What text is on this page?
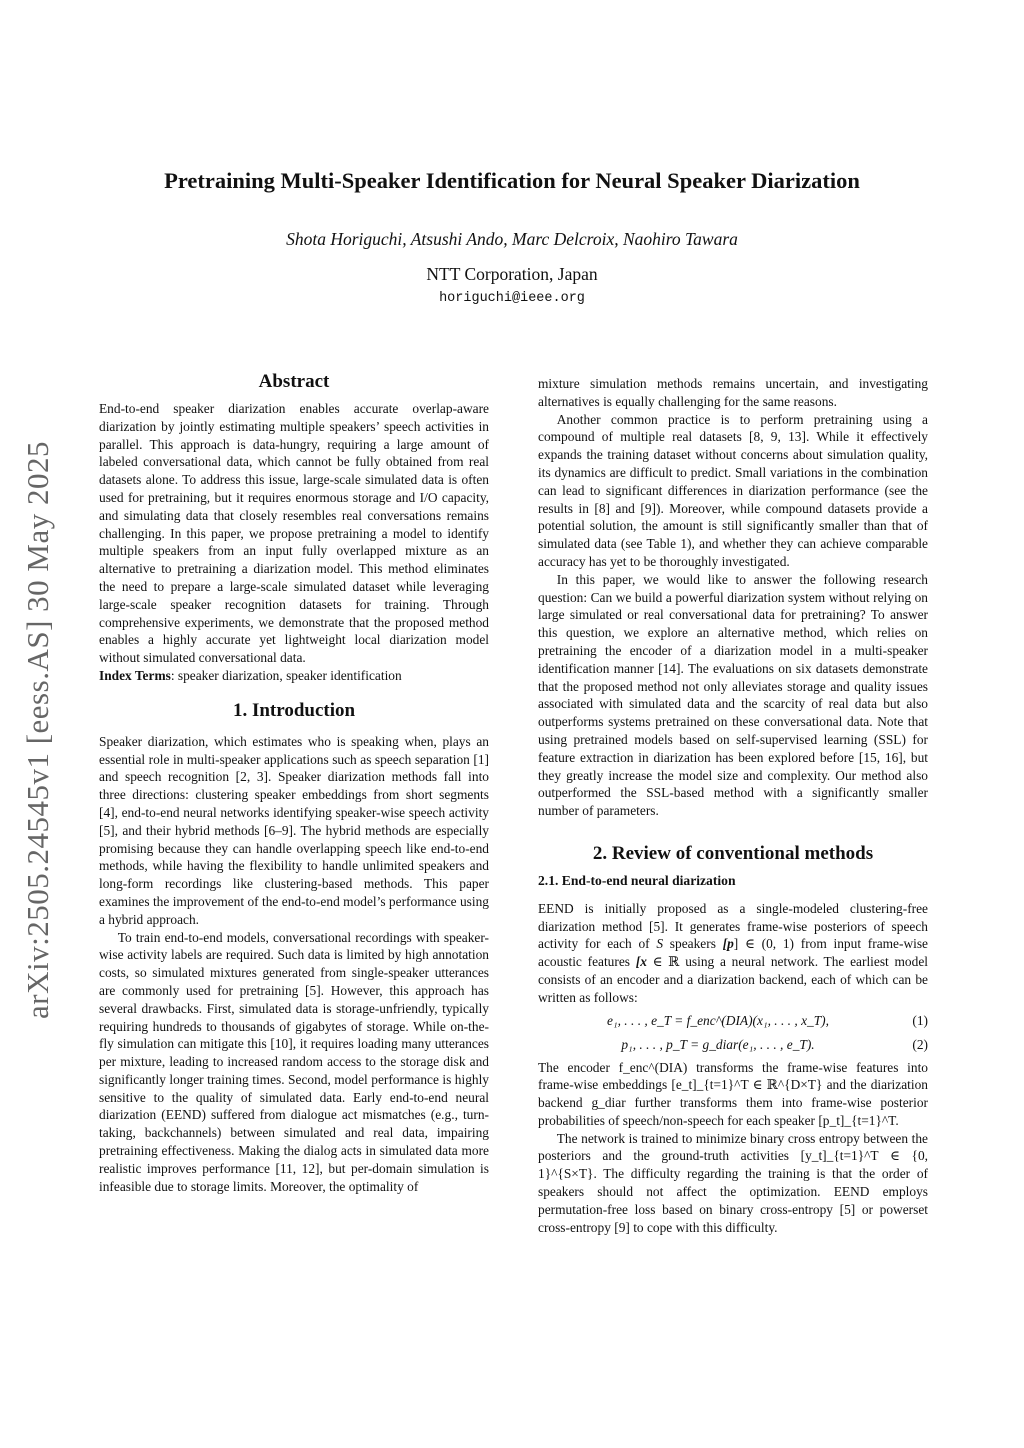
arXiv:2505.24545v1 [eess.AS] 30 May 2025
Pretraining Multi-Speaker Identification for Neural Speaker Diarization
Shota Horiguchi, Atsushi Ando, Marc Delcroix, Naohiro Tawara
NTT Corporation, Japan
horiguchi@ieee.org
Abstract

End-to-end speaker diarization enables accurate overlap-aware diarization by jointly estimating multiple speakers’ speech activities in parallel. This approach is data-hungry, requiring a large amount of labeled conversational data, which cannot be fully obtained from real datasets alone. To address this issue, large-scale simulated data is often used for pretraining, but it requires enormous storage and I/O capacity, and simulating data that closely resembles real conversations remains challenging. In this paper, we propose pretraining a model to identify multiple speakers from an input fully overlapped mixture as an alternative to pretraining a diarization model. This method eliminates the need to prepare a large-scale simulated dataset while leveraging large-scale speaker recognition datasets for training. Through comprehensive experiments, we demonstrate that the proposed method enables a highly accurate yet lightweight local diarization model without simulated conversational data.

Index Terms: speaker diarization, speaker identification

1. Introduction

Speaker diarization, which estimates who is speaking when, plays an essential role in multi-speaker applications such as speech separation [1] and speech recognition [2, 3]. Speaker diarization methods fall into three directions: clustering speaker embeddings from short segments [4], end-to-end neural networks identifying speaker-wise speech activity [5], and their hybrid methods [6–9]. The hybrid methods are especially promising because they can handle overlapping speech like end-to-end methods, while having the flexibility to handle unlimited speakers and long-form recordings like clustering-based methods. This paper examines the improvement of the end-to-end model’s performance using a hybrid approach.

To train end-to-end models, conversational recordings with speaker-wise activity labels are required. Such data is limited by high annotation costs, so simulated mixtures generated from single-speaker utterances are commonly used for pretraining [5]. However, this approach has several drawbacks. First, simulated data is storage-unfriendly, typically requiring hundreds to thousands of gigabytes of storage. While on-the-fly simulation can mitigate this [10], it requires loading many utterances per mixture, leading to increased random access to the storage disk and significantly longer training times. Second, model performance is highly sensitive to the quality of simulated data. Early end-to-end neural diarization (EEND) suffered from dialogue act mismatches (e.g., turn-taking, backchannels) between simulated and real data, impairing pretraining effectiveness. Making the dialog acts in simulated data more realistic improves performance [11, 12], but per-domain simulation is infeasible due to storage limits. Moreover, the optimality of

mixture simulation methods remains uncertain, and investigating alternatives is equally challenging for the same reasons.

Another common practice is to perform pretraining using a compound of multiple real datasets [8, 9, 13]. While it effectively expands the training dataset without concerns about simulation quality, its dynamics are difficult to predict. Small variations in the combination can lead to significant differences in diarization performance (see the results in [8] and [9]). Moreover, while compound datasets provide a potential solution, the amount is still significantly smaller than that of simulated data (see Table 1), and whether they can achieve comparable accuracy has yet to be thoroughly investigated.

In this paper, we would like to answer the following research question: Can we build a powerful diarization system without relying on large simulated or real conversational data for pretraining? To answer this question, we explore an alternative method, which relies on pretraining the encoder of a diarization model in a multi-speaker identification manner [14]. The evaluations on six datasets demonstrate that the proposed method not only alleviates storage and quality issues associated with simulated data and the scarcity of real data but also outperforms systems pretrained on these conversational data. Note that using pretrained models based on self-supervised learning (SSL) for feature extraction in diarization has been explored before [15, 16], but they greatly increase the model size and complexity. Our method also outperformed the SSL-based method with a significantly smaller number of parameters.

2. Review of conventional methods
2.1. End-to-end neural diarization

EEND is initially proposed as a single-modeled clustering-free diarization method [5]. It generates frame-wise posteriors of speech activity for each of S speakers [p] ∈ (0, 1) from input frame-wise acoustic features [x ∈ ℝ using a neural network. The earliest model consists of an encoder and a diarization backend, each of which can be written as follows:

e₁, . . . , e_T = f_enc^(DIA)(x₁, . . . , x_T),	(1)
p₁, . . . , p_T = g_diar(e₁, . . . , e_T).	(2)

The encoder f_enc^(DIA) transforms the frame-wise features into frame-wise embeddings [e_t]_{t=1}^T ∈ ℝ^{D×T} and the diarization backend g_diar further transforms them into frame-wise posterior probabilities of speech/non-speech for each speaker [p_t]_{t=1}^T.

The network is trained to minimize binary cross entropy between the posteriors and the ground-truth activities [y_t]_{t=1}^T ∈ {0, 1}^{S×T}. The difficulty regarding the training is that the order of speakers should not affect the optimization. EEND employs permutation-free loss based on binary cross-entropy [5] or powerset cross-entropy [9] to cope with this difficulty.
